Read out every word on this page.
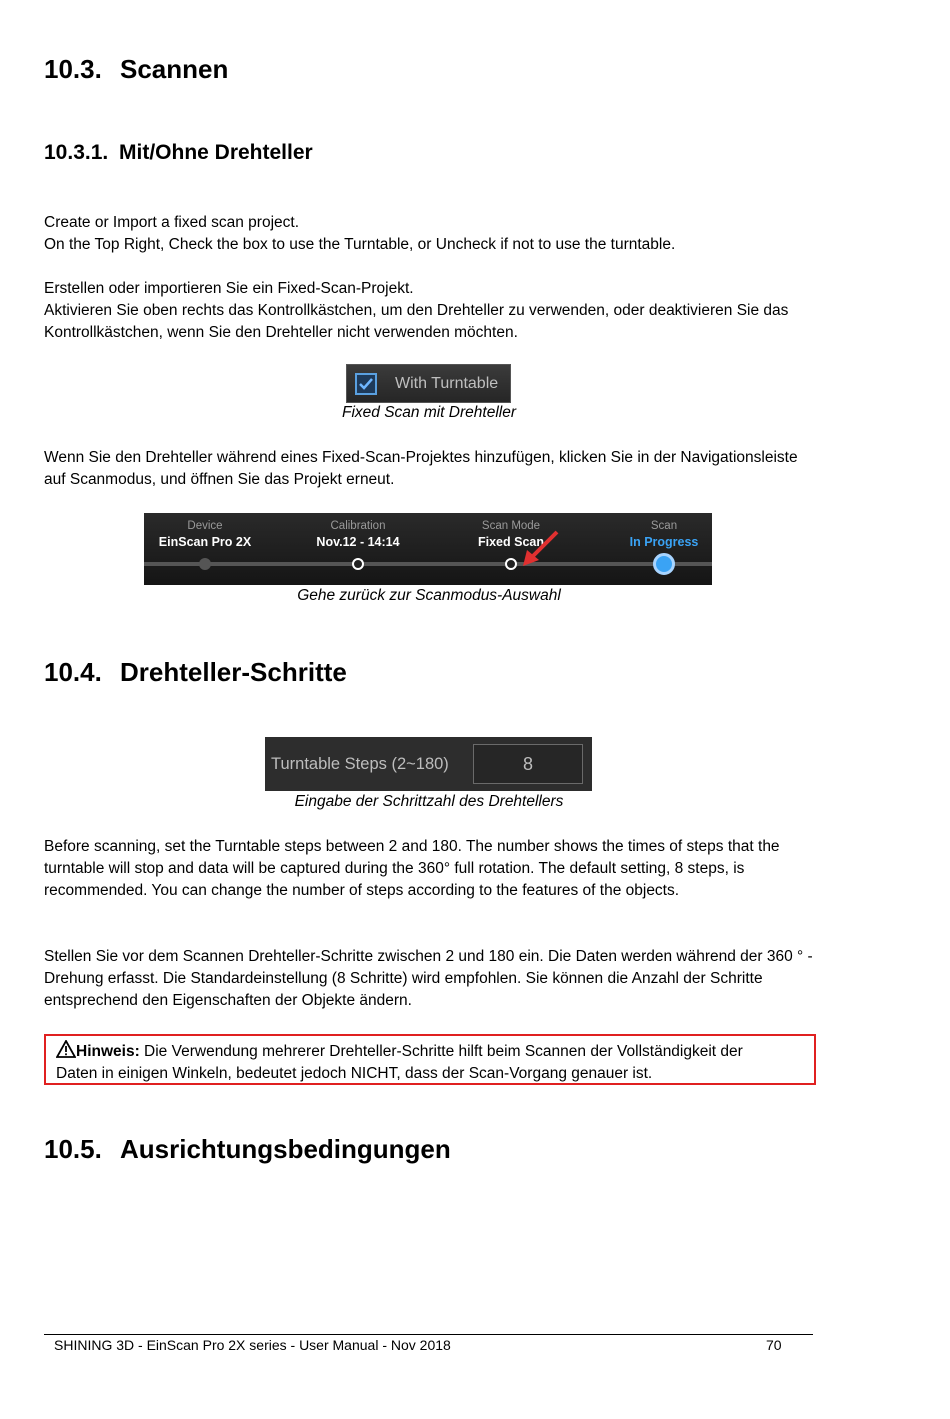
10.3. Scannen
10.3.1. Mit/Ohne Drehteller

Create or Import a fixed scan project.

On the Top Right, Check the box to use the Turntable, or Uncheck if not to use the turntable.

Erstellen oder importieren Sie ein Fixed-Scan-Projekt.

Aktivieren Sie oben rechts das Kontrollkästchen, um den Drehteller zu verwenden, oder deaktivieren Sie das

Kontrollkästchen, wenn Sie den Drehteller nicht verwenden möchten.

With Turntable
Fixed Scan mit Drehteller

Wenn Sie den Drehteller während eines Fixed-Scan-Projektes hinzufügen, klicken Sie in der Navigationsleiste

auf Scanmodus, und öffnen Sie das Projekt erneut.

Device
EinScan Pro 2X
Calibration
Nov.12 - 14:14
Scan Mode
Fixed Scan
Scan
In Progress
Gehe zurück zur Scanmodus-Auswahl
10.4. Drehteller-Schritte
Turntable Steps (2~180)	8
Eingabe der Schrittzahl des Drehtellers

Before scanning, set the Turntable steps between 2 and 180. The number shows the times of steps that the

turntable will stop and data will be captured during the 360° full rotation. The default setting, 8 steps, is

recommended. You can change the number of steps according to the features of the objects.

Stellen Sie vor dem Scannen Drehteller-Schritte zwischen 2 und 180 ein. Die Daten werden während der 360 ° -

Drehung erfasst. Die Standardeinstellung (8 Schritte) wird empfohlen. Sie können die Anzahl der Schritte

entsprechend den Eigenschaften der Objekte ändern.

Hinweis: Die Verwendung mehrerer Drehteller-Schritte hilft beim Scannen der Vollständigkeit der
Daten in einigen Winkeln, bedeutet jedoch NICHT, dass der Scan-Vorgang genauer ist.
10.5. Ausrichtungsbedingungen
SHINING 3D - EinScan Pro 2X series - User Manual - Nov 2018	70
